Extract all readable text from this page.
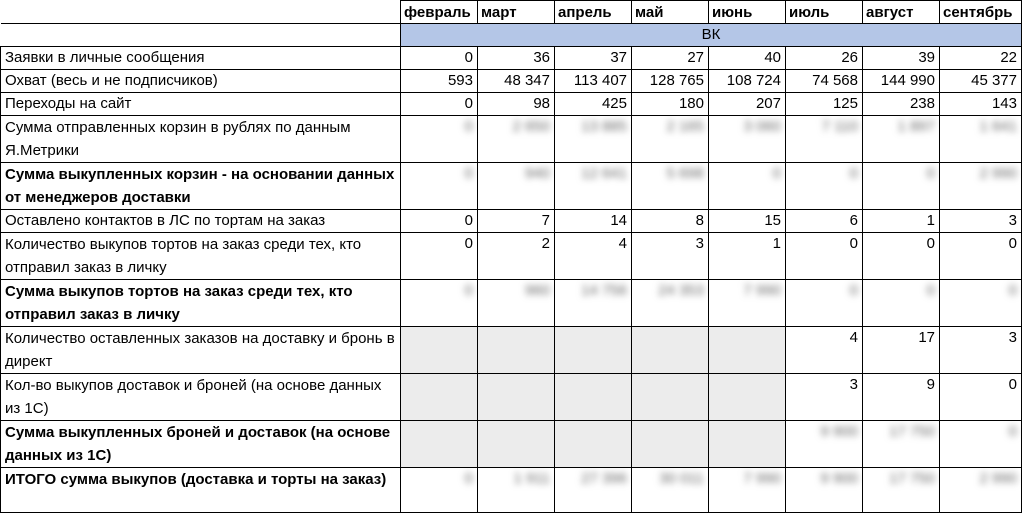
	февраль	март	апрель	май	июнь	июль	август	сентябрь
	ВК							
Заявки в личные сообщения	0	36	37	27	40	26	39	22
Охват (весь и не подписчиков)	593	48 347	113 407	128 765	108 724	74 568	144 990	45 377
Переходы на сайт	0	98	425	180	207	125	238	143
Сумма отправленных корзин в рублях по данным Я.Метрики	0	2 650	13 885	2 165	3 060	7 110	1 897	1 641
Сумма выкупленных корзин - на основании данных от менеджеров доставки	0	940	12 641	5 698	0	0	0	2 990
Оставлено контактов в ЛС по тортам на заказ	0	7	14	8	15	6	1	3
Количество выкупов тортов на заказ среди тех, кто отправил заказ в личку	0	2	4	3	1	0	0	0
Сумма выкупов тортов на заказ среди тех, кто отправил заказ в личку	0	960	14 756	24 353	7 990	0	0	0
Количество оставленных заказов на доставку и бронь в директ						4	17	3
Кол-во выкупов доставок и броней (на основе данных из 1С)						3	9	0
Сумма выкупленных броней и доставок (на основе данных из 1С)						9 900	17 750	0
ИТОГО сумма выкупов (доставка и торты на заказ)	0	1 911	27 396	30 011	7 990	9 900	17 750	2 990
